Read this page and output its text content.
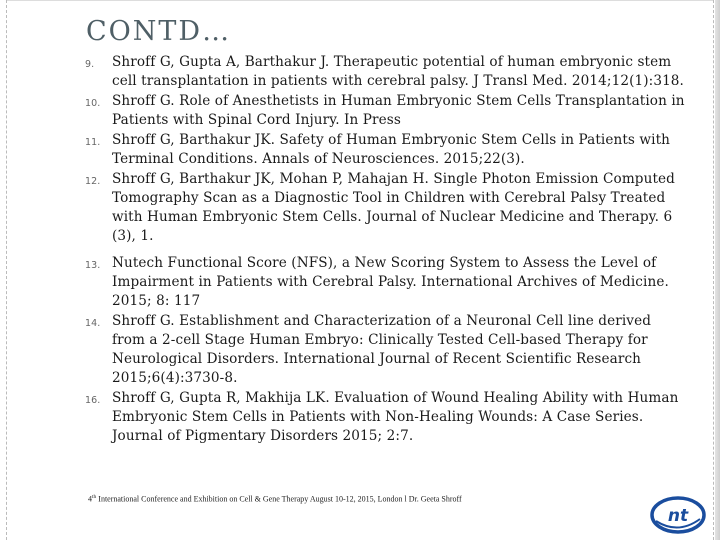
CONTD…
9.	Shroff G, Gupta A, Barthakur J. Therapeutic potential of human embryonic stem cell transplantation in patients with cerebral palsy. J Transl Med. 2014;12(1):318.
10. Shroff G. Role of Anesthetists in Human Embryonic Stem Cells Transplantation in Patients with Spinal Cord Injury. In Press
11. Shroff G, Barthakur JK. Safety of Human Embryonic Stem Cells in Patients with Terminal Conditions. Annals of Neurosciences. 2015;22(3).
12. Shroff G, Barthakur JK, Mohan P, Mahajan H. Single Photon Emission Computed Tomography Scan as a Diagnostic Tool in Children with Cerebral Palsy Treated with Human Embryonic Stem Cells. Journal of Nuclear Medicine and Therapy. 6 (3), 1.
13. Nutech Functional Score (NFS), a New Scoring System to Assess the Level of Impairment in Patients with Cerebral Palsy. International Archives of Medicine. 2015; 8: 117
14. Shroff G. Establishment and Characterization of a Neuronal Cell line derived from a 2-cell Stage Human Embryo: Clinically Tested Cell-based Therapy for Neurological Disorders. International Journal of Recent Scientific Research 2015;6(4):3730-8.
16. Shroff G, Gupta R, Makhija LK. Evaluation of Wound Healing Ability with Human Embryonic Stem Cells in Patients with Non-Healing Wounds: A Case Series. Journal of Pigmentary Disorders 2015; 2:7.
4th International Conference and Exhibition on Cell & Gene Therapy August 10-12, 2015, London l Dr. Geeta Shroff
nt
